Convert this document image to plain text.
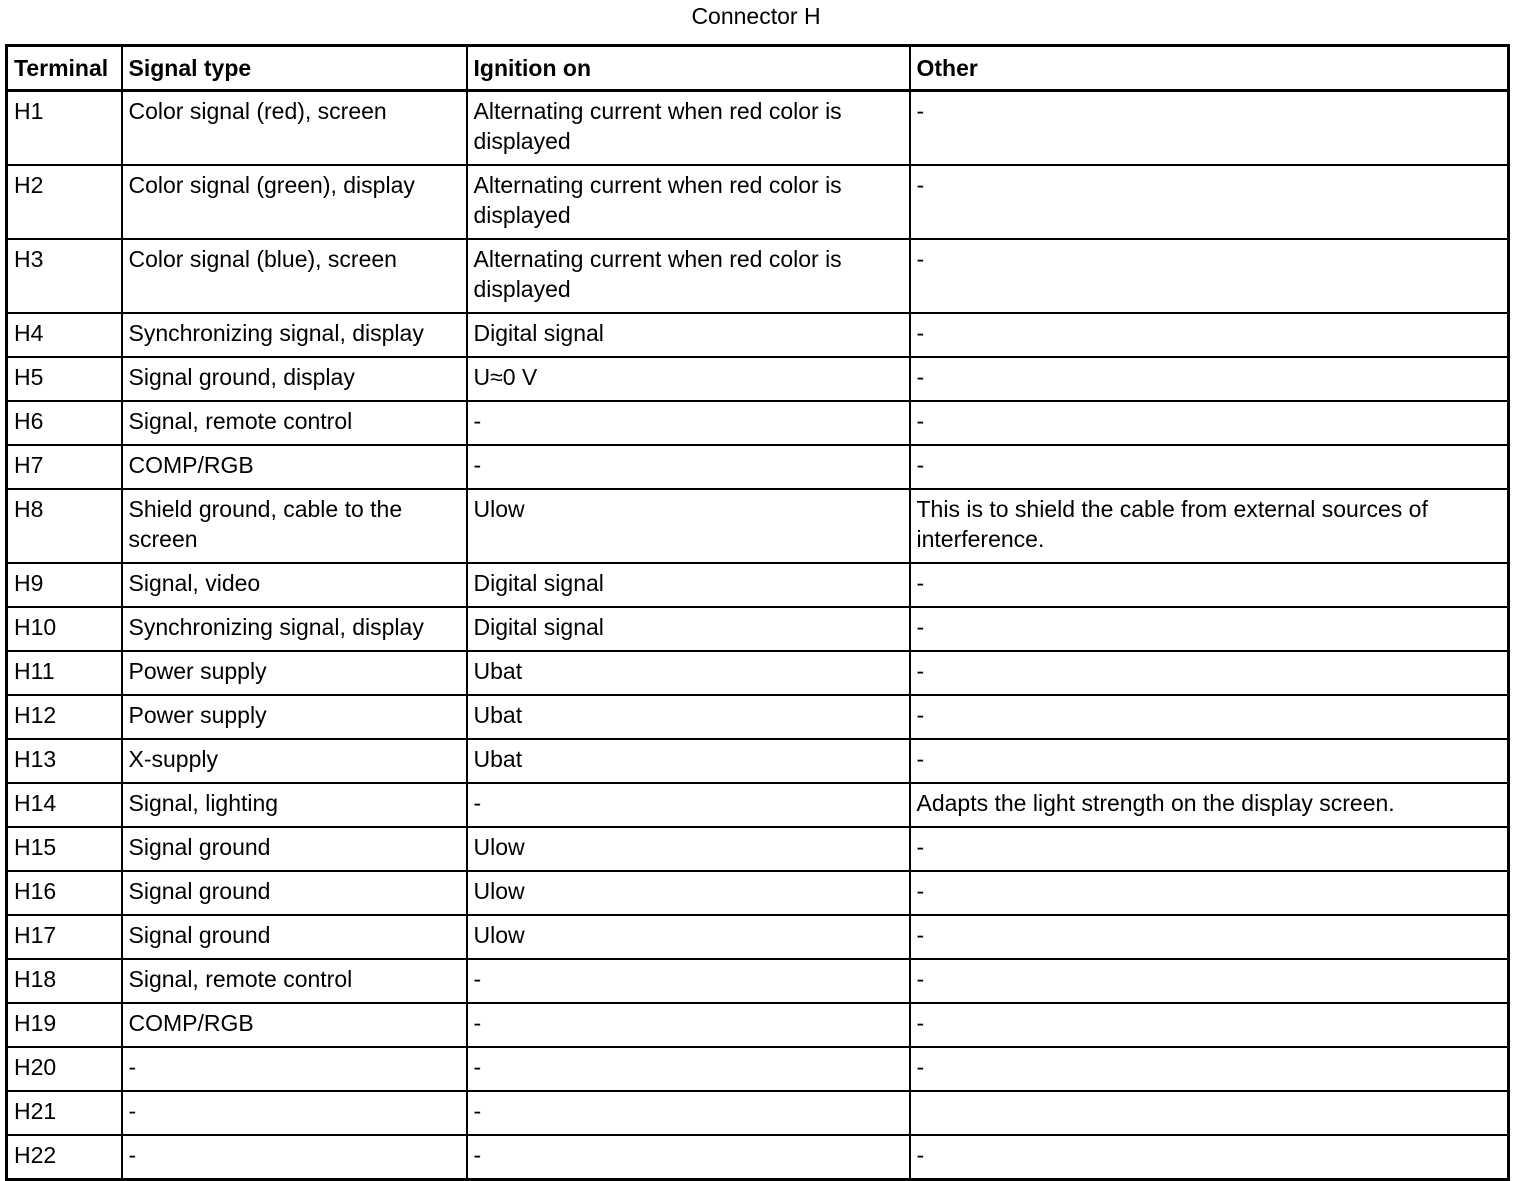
Connector H
Terminal	Signal type	Ignition on	Other
H1	Color signal (red), screen	Alternating current when red color is displayed	-
H2	Color signal (green), display	Alternating current when red color is displayed	-
H3	Color signal (blue), screen	Alternating current when red color is displayed	-
H4	Synchronizing signal, display	Digital signal	-
H5	Signal ground, display	U≈0 V	-
H6	Signal, remote control	-	-
H7	COMP/RGB	-	-
H8	Shield ground, cable to the screen	Ulow	This is to shield the cable from external sources of interference.
H9	Signal, video	Digital signal	-
H10	Synchronizing signal, display	Digital signal	-
H11	Power supply	Ubat	-
H12	Power supply	Ubat	-
H13	X-supply	Ubat	-
H14	Signal, lighting	-	Adapts the light strength on the display screen.
H15	Signal ground	Ulow	-
H16	Signal ground	Ulow	-
H17	Signal ground	Ulow	-
H18	Signal, remote control	-	-
H19	COMP/RGB	-	-
H20	-	-	-
H21	-	-	
H22	-	-	-
